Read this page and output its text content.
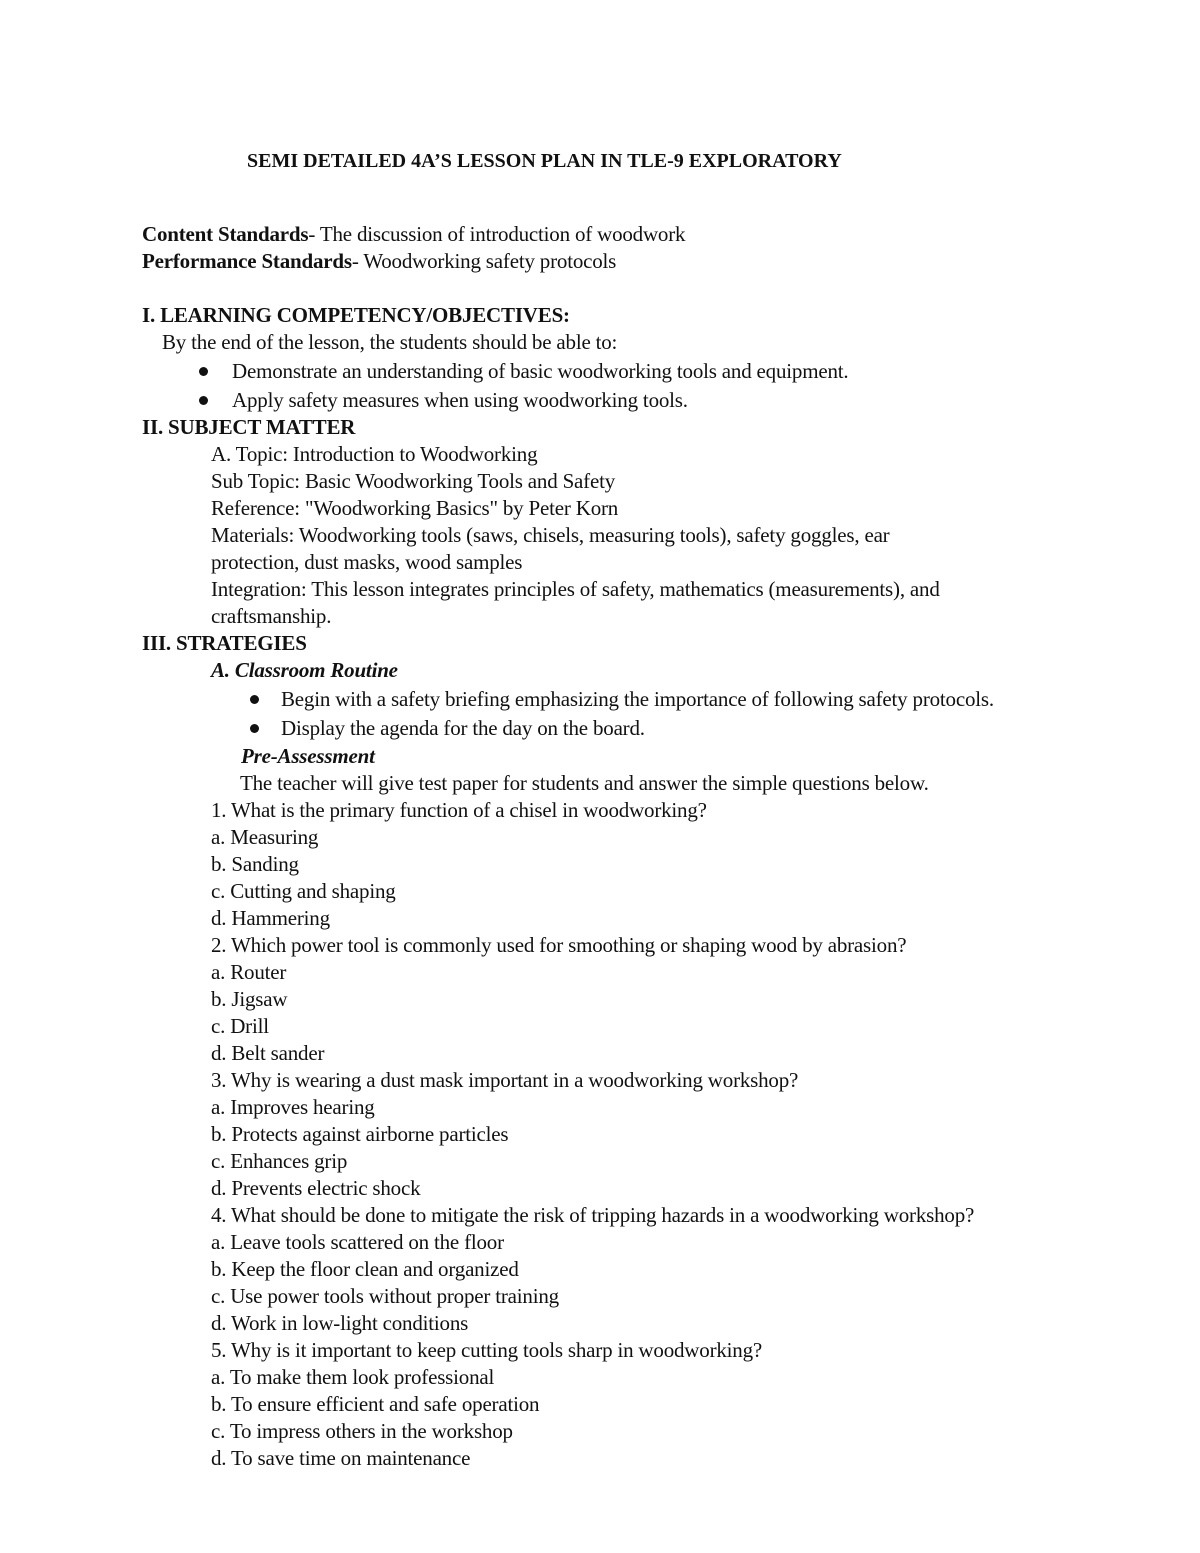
SEMI DETAILED 4A’S LESSON PLAN IN TLE-9 EXPLORATORY
Content Standards- The discussion of introduction of woodwork
Performance Standards- Woodworking safety protocols
I. LEARNING COMPETENCY/OBJECTIVES:
By the end of the lesson, the students should be able to:
Demonstrate an understanding of basic woodworking tools and equipment.
Apply safety measures when using woodworking tools.
II. SUBJECT MATTER
A. Topic: Introduction to Woodworking
Sub Topic: Basic Woodworking Tools and Safety
Reference: "Woodworking Basics" by Peter Korn
Materials: Woodworking tools (saws, chisels, measuring tools), safety goggles, ear
protection, dust masks, wood samples
Integration: This lesson integrates principles of safety, mathematics (measurements), and
craftsmanship.
III. STRATEGIES
A. Classroom Routine
Begin with a safety briefing emphasizing the importance of following safety protocols.
Display the agenda for the day on the board.
Pre-Assessment
The teacher will give test paper for students and answer the simple questions below.
1. What is the primary function of a chisel in woodworking?
a. Measuring
b. Sanding
c. Cutting and shaping
d. Hammering
2. Which power tool is commonly used for smoothing or shaping wood by abrasion?
a. Router
b. Jigsaw
c. Drill
d. Belt sander
3. Why is wearing a dust mask important in a woodworking workshop?
a. Improves hearing
b. Protects against airborne particles
c. Enhances grip
d. Prevents electric shock
4. What should be done to mitigate the risk of tripping hazards in a woodworking workshop?
a. Leave tools scattered on the floor
b. Keep the floor clean and organized
c. Use power tools without proper training
d. Work in low-light conditions
5. Why is it important to keep cutting tools sharp in woodworking?
a. To make them look professional
b. To ensure efficient and safe operation
c. To impress others in the workshop
d. To save time on maintenance
